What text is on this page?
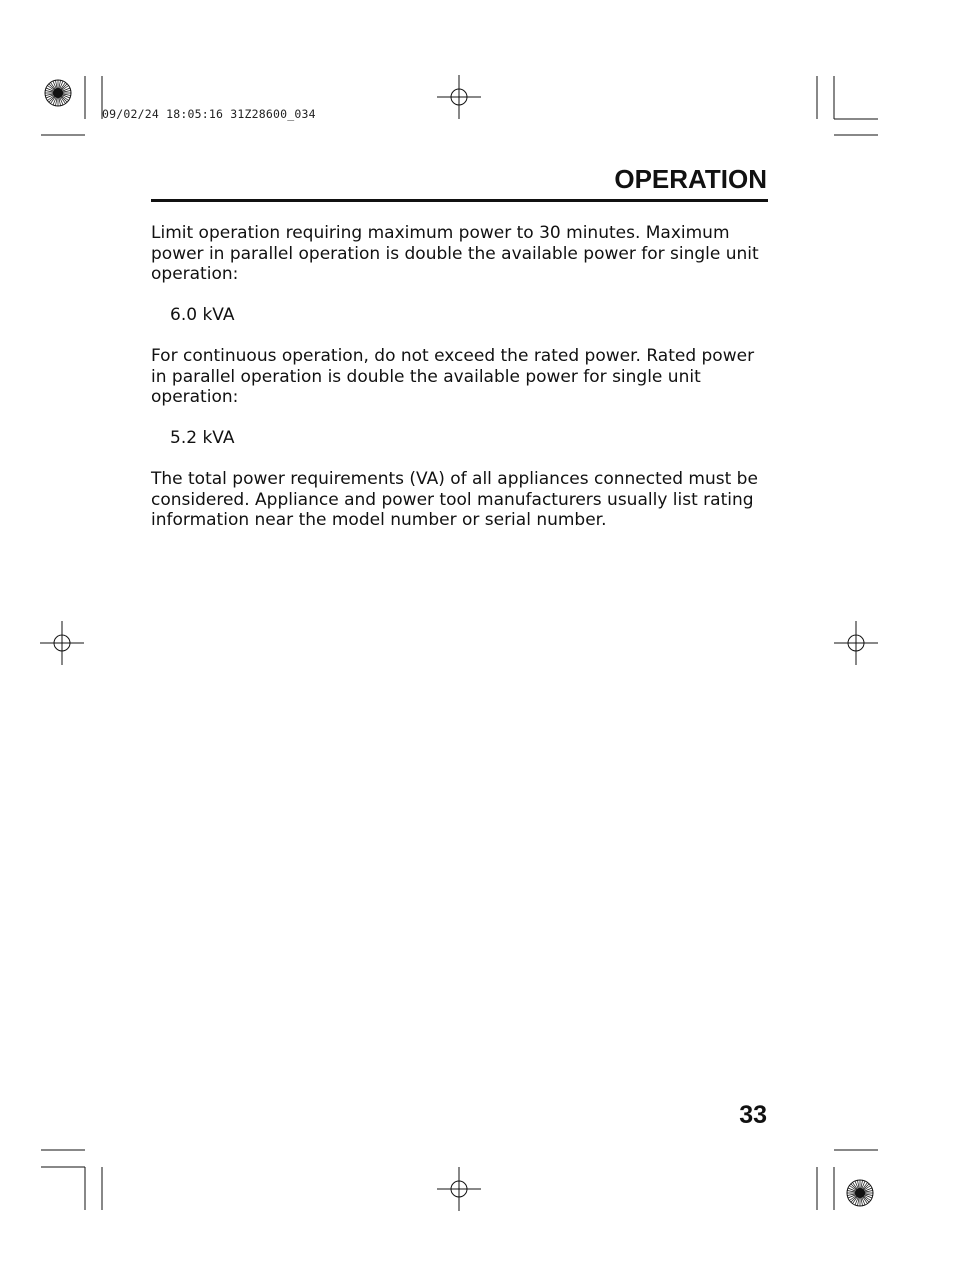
09/02/24 18:05:16 31Z28600_034
OPERATION

Limit operation requiring maximum power to 30 minutes. Maximum power in parallel operation is double the available power for single unit operation:

6.0 kVA

For continuous operation, do not exceed the rated power. Rated power in parallel operation is double the available power for single unit operation:

5.2 kVA

The total power requirements (VA) of all appliances connected must be considered. Appliance and power tool manufacturers usually list rating information near the model number or serial number.

33
